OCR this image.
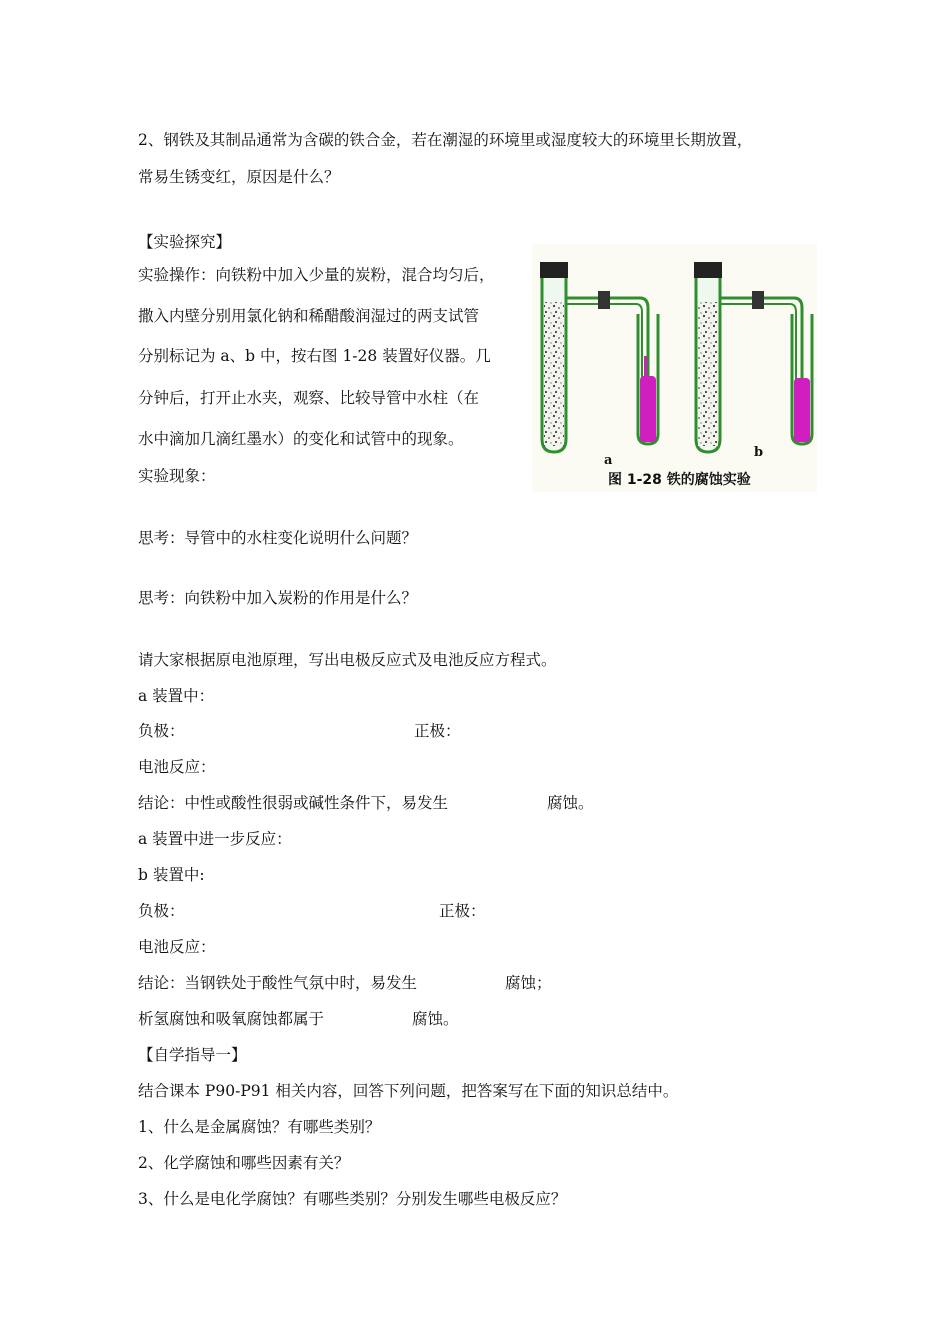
2、钢铁及其制品通常为含碳的铁合金，若在潮湿的环境里或湿度较大的环境里长期放置，
常易生锈变红，原因是什么？
【实验探究】
实验操作：向铁粉中加入少量的炭粉，混合均匀后，
撒入内壁分别用氯化钠和稀醋酸润湿过的两支试管
分别标记为 a、b 中，按右图 1-28 装置好仪器。几
分钟后，打开止水夹，观察、比较导管中水柱（在
水中滴加几滴红墨水）的变化和试管中的现象。
实验现象：
a
b
图 1-28 铁的腐蚀实验
思考：导管中的水柱变化说明什么问题？
思考：向铁粉中加入炭粉的作用是什么？
请大家根据原电池原理，写出电极反应式及电池反应方程式。
a 装置中：
负极：	正极：
电池反应：
结论：中性或酸性很弱或碱性条件下，易发生	腐蚀。
a 装置中进一步反应：
b 装置中:
负极：	正极：
电池反应：
结论：当钢铁处于酸性气氛中时，易发生	腐蚀；
析氢腐蚀和吸氧腐蚀都属于	腐蚀。
【自学指导一】
结合课本 P90-P91 相关内容，回答下列问题，把答案写在下面的知识总结中。
1、什么是金属腐蚀？有哪些类别？
2、化学腐蚀和哪些因素有关？
3、什么是电化学腐蚀？有哪些类别？分别发生哪些电极反应？
